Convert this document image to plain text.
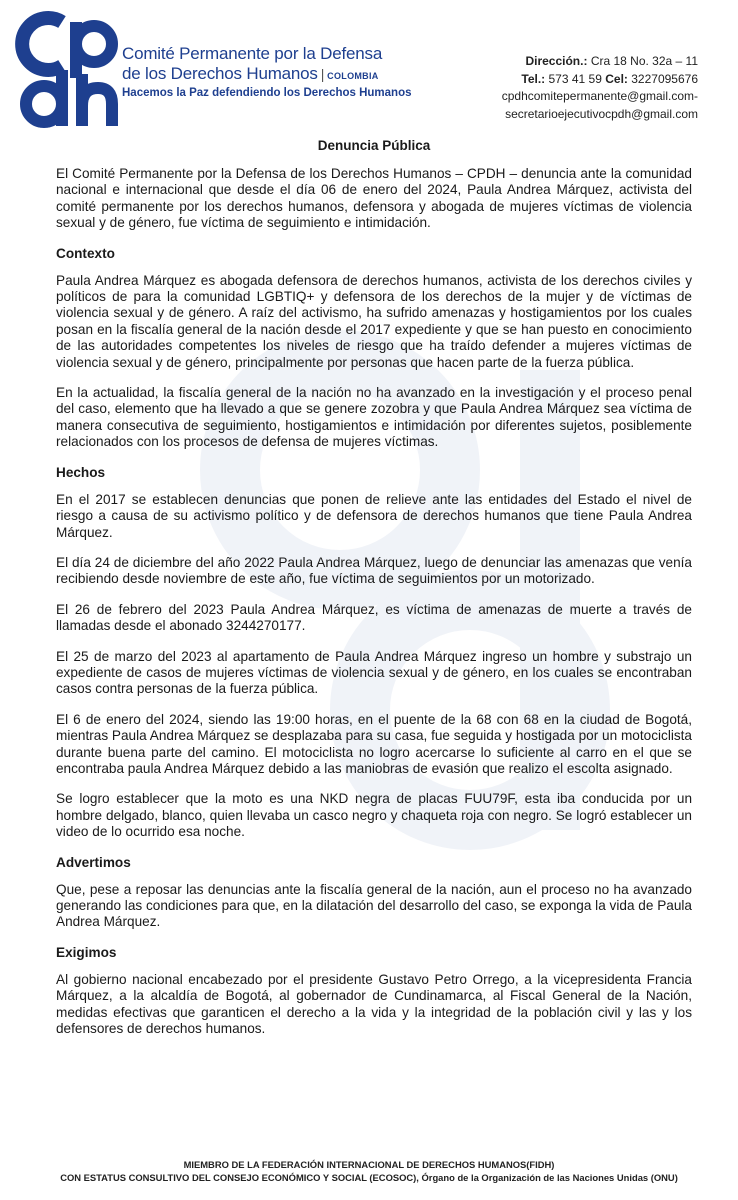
Comité Permanente por la Defensa
de los Derechos Humanos | COLOMBIA
Hacemos la Paz defendiendo los Derechos Humanos
Dirección.: Cra 18 No. 32a – 11
Tel.: 573 41 59 Cel: 3227095676
cpdhcomitepermanente@gmail.com-
secretarioejecutivocpdh@gmail.com
Denuncia Pública

El Comité Permanente por la Defensa de los Derechos Humanos – CPDH – denuncia ante la comunidad nacional e internacional que desde el día 06 de enero del 2024, Paula Andrea Márquez, activista del comité permanente por los derechos humanos, defensora y abogada de mujeres víctimas de violencia sexual y de género, fue víctima de seguimiento e intimidación.

Contexto

Paula Andrea Márquez es abogada defensora de derechos humanos, activista de los derechos civiles y políticos de para la comunidad LGBTIQ+ y defensora de los derechos de la mujer y de víctimas de violencia sexual y de género. A raíz del activismo, ha sufrido amenazas y hostigamientos por los cuales posan en la fiscalía general de la nación desde el 2017 expediente y que se han puesto en conocimiento de las autoridades competentes los niveles de riesgo que ha traído defender a mujeres víctimas de violencia sexual y de género, principalmente por personas que hacen parte de la fuerza pública.

En la actualidad, la fiscalía general de la nación no ha avanzado en la investigación y el proceso penal del caso, elemento que ha llevado a que se genere zozobra y que Paula Andrea Márquez sea víctima de manera consecutiva de seguimiento, hostigamientos e intimidación por diferentes sujetos, posiblemente relacionados con los procesos de defensa de mujeres víctimas.

Hechos

En el 2017 se establecen denuncias que ponen de relieve ante las entidades del Estado el nivel de riesgo a causa de su activismo político y de defensora de derechos humanos que tiene Paula Andrea Márquez.

El día 24 de diciembre del año 2022 Paula Andrea Márquez, luego de denunciar las amenazas que venía recibiendo desde noviembre de este año, fue víctima de seguimientos por un motorizado.

El 26 de febrero del 2023 Paula Andrea Márquez, es víctima de amenazas de muerte a través de llamadas desde el abonado 3244270177.

El 25 de marzo del 2023 al apartamento de Paula Andrea Márquez ingreso un hombre y substrajo un expediente de casos de mujeres víctimas de violencia sexual y de género, en los cuales se encontraban casos contra personas de la fuerza pública.

El 6 de enero del 2024, siendo las 19:00 horas, en el puente de la 68 con 68 en la ciudad de Bogotá, mientras Paula Andrea Márquez se desplazaba para su casa, fue seguida y hostigada por un motociclista durante buena parte del camino. El motociclista no logro acercarse lo suficiente al carro en el que se encontraba paula Andrea Márquez debido a las maniobras de evasión que realizo el escolta asignado.

Se logro establecer que la moto es una NKD negra de placas FUU79F, esta iba conducida por un hombre delgado, blanco, quien llevaba un casco negro y chaqueta roja con negro. Se logró establecer un video de lo ocurrido esa noche.

Advertimos

Que, pese a reposar las denuncias ante la fiscalía general de la nación, aun el proceso no ha avanzado generando las condiciones para que, en la dilatación del desarrollo del caso, se exponga la vida de Paula Andrea Márquez.

Exigimos

Al gobierno nacional encabezado por el presidente Gustavo Petro Orrego, a la vicepresidenta Francia Márquez, a la alcaldía de Bogotá, al gobernador de Cundinamarca, al Fiscal General de la Nación, medidas efectivas que garanticen el derecho a la vida y la integridad de la población civil y las y los defensores de derechos humanos.

MIEMBRO DE LA FEDERACIÓN INTERNACIONAL DE DERECHOS HUMANOS(FIDH)
CON ESTATUS CONSULTIVO DEL CONSEJO ECONÓMICO Y SOCIAL (ECOSOC), Órgano de la Organización de las Naciones Unidas (ONU)
